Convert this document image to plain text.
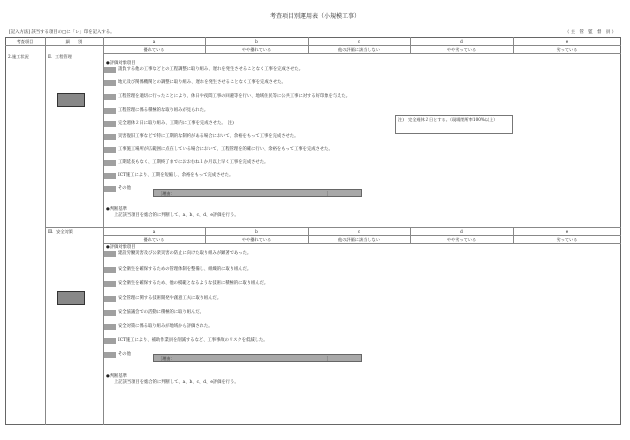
考査項目別運用表（小規模工事）
[記入方法] 該当する項目の□に「レ」印を記入する。	（ 主　管　監　督　員 ）
考査項目	細　　別	a	b	c	d	e
優れている	やや優れている	他の評価に該当しない	やや劣っている	劣っている
2.施工状況	Ⅱ．工程管理
●評価対象項目
請負する他の工事などとの工程調整に取り組み、遅れを発生させることなく工事を完成させた。
地元及び関係機関との調整に取り組み、遅れを発生させることなく工事を完成させた。
工程管理を適切に行ったことにより、休日や夜間工事の回避等を行い、地域住民等に公共工事に対する好印象を与えた。
工程管理に係る積極的な取り組みが見られた。
完全週休２日に取り組み、工期内に工事を完成させた。　注)
災害復旧工事などで特に工期的な制約がある場合において、余裕をもって工事を完成させた。
工事施工場所が広範囲に点在している場合において、工程管理を的確に行い、余裕をもって工事を完成させた。
工期延長もなく、工期終了までにおおむね１か月以上早く工事を完成させた。
ICT施工により、工期を短縮し、余裕をもって完成させた。
その他
［理由：	］
注)　完全週休２日とする。（現場閉所率100%以上）
●判断基準
上記該当項目を総合的に判断して、a、b、c、d、e評価を行う。
Ⅲ．安全対策	a	b	c	d	e
優れている	やや優れている	他の評価に該当しない	やや劣っている	劣っている
●評価対象項目
建設労働災害及び公衆災害の防止に向けた取り組みが顕著であった。
安全衛生を確保するための管理体制を整備し、組織的に取り組んだ。
安全衛生を確保するため、他の模範となるような技術に積極的に取り組んだ。
安全管理に関する技術開発や創意工夫に取り組んだ。
安全協議会での活動に積極的に取り組んだ。
安全対策に係る取り組みが地域から評価された。
ICT施工により、補助作業員を削減するなど、工事事故のリスクを低減した。
その他
［理由：	］
●判断基準
上記該当項目を総合的に判断して、a、b、c、d、e評価を行う。
